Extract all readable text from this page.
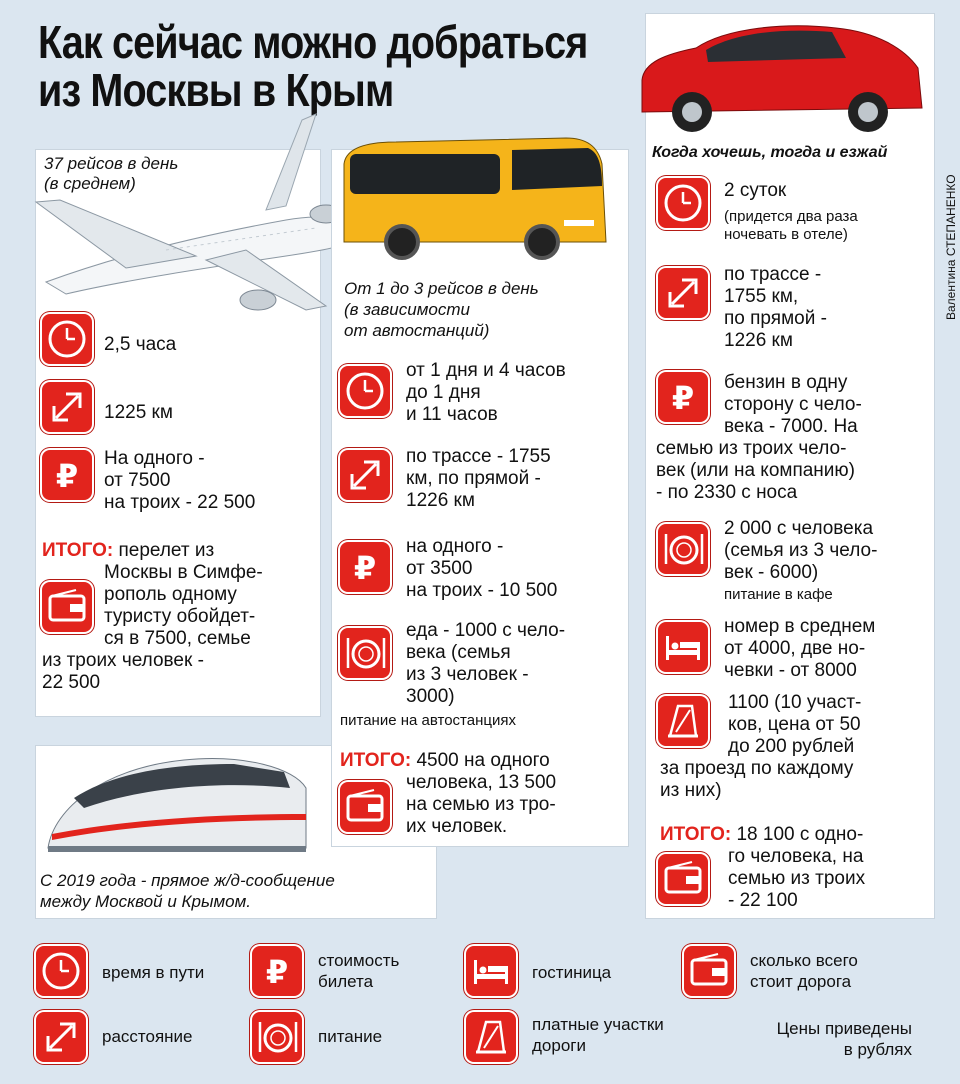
Как сейчас можно добраться
из Москвы в Крым
37 рейсов в день
(в среднем)
2,5 часа
1225 км
На одного -
от 7500
на троих - 22 500
ИТОГО: перелет из
Москвы в Симфе-
рополь одному
туристу обойдет-
ся в 7500, семье
из троих человек -
22 500
С 2019 года - прямое ж/д-сообщение
между Москвой и Крымом.
От 1 до 3 рейсов в день
(в зависимости
от автостанций)
от 1 дня и 4 часов
до 1 дня
и 11 часов
по трассе - 1755
км, по прямой -
1226 км
на одного -
от 3500
на троих - 10 500
еда - 1000 с чело-
века (семья
из 3 человек -
3000)
питание на автостанциях
ИТОГО: 4500 на одного
человека, 13 500
на семью из тро-
их человек.
Когда хочешь, тогда и езжай
2 суток
(придется два раза
ночевать в отеле)
по трассе -
1755 км,
по прямой -
1226 км
бензин в одну
сторону с чело-
века - 7000. На
семью из троих чело-
век (или на компанию)
- по 2330 с носа
2 000 с человека
(семья из 3 чело-
век - 6000)
питание в кафе
номер в среднем
от 4000, две но-
чевки - от 8000
1100 (10 участ-
ков, цена от 50
до 200 рублей
за проезд по каждому
из них)
ИТОГО: 18 100 с одно-
го человека, на
семью из троих
- 22 100
Валентина СТЕПАНЕНКО
время в пути
расстояние
стоимость
билета
питание
гостиница
платные участки
дороги
сколько всего
стоит дорога
Цены приведены
в рублях
